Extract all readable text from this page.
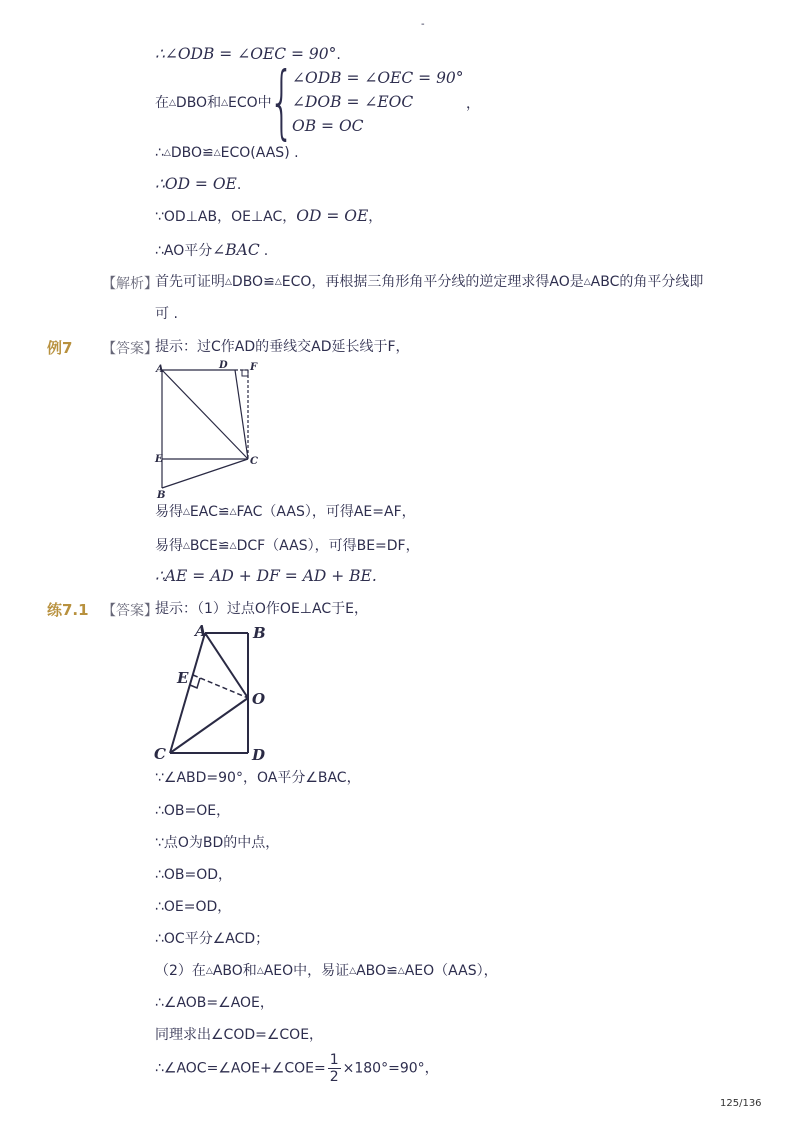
-
∴∠ODB = ∠OEC = 90°.
在△DBO和△ECO中
{
∠ODB = ∠OEC = 90°
∠DOB = ∠EOC
OB = OC
，
∴△DBO≌△ECO(AAS) .
∴OD = OE.
∵OD⊥AB，OE⊥AC，OD = OE，
∴AO平分∠BAC .
【解析】
首先可证明△DBO≌△ECO，再根据三角形角平分线的逆定理求得AO是△ABC的角平分线即
可 .
例7 【答案】
提示：过C作AD的垂线交AD延长线于F，
A	D F
E	C
B
易得△EAC≌△FAC（AAS），可得AE=AF，
易得△BCE≌△DCF（AAS），可得BE=DF，
∴AE = AD + DF = AD + BE.
练7.1 【答案】
提示：（1）过点O作OE⊥AC于E，
A	B
E
O
C	D
∵∠ABD=90°，OA平分∠BAC，
∴OB=OE，
∵点O为BD的中点，
∴OB=OD，
∴OE=OD，
∴OC平分∠ACD；
（2）在△ABO和△AEO中，易证△ABO≌△AEO（AAS），
∴∠AOB=∠AOE，
同理求出∠COD=∠COE，
∴∠AOC=∠AOE+∠COE= $\frac{1}{2} \times 180^\circ=90^\circ$，
125/136
